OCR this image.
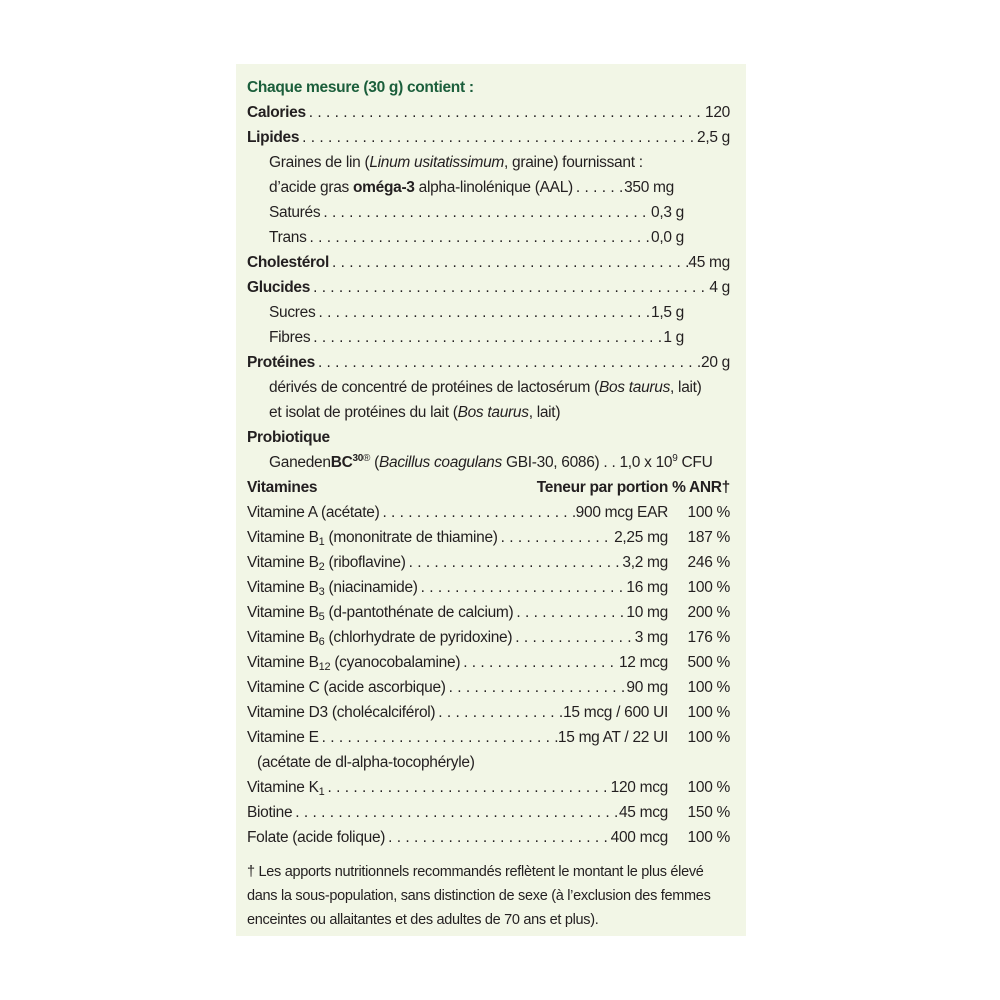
Chaque mesure (30 g) contient :
Calories . . .	120
Lipides . . .	2,5 g
Graines de lin (Linum usitatissimum, graine) fournissant :
d’acide gras oméga-3 alpha-linolénique (AAL) . . .	350 mg
Saturés . . .	0,3 g
Trans . . .	0,0 g
Cholestérol . . .	45 mg
Glucides . . .	4 g
Sucres . . .	1,5 g
Fibres . . .	1 g
Protéines . . .	20 g
dérivés de concentré de protéines de lactosérum (Bos taurus, lait)
et isolat de protéines du lait (Bos taurus, lait)
Probiotique
GanedenBC$^{30®}$ (Bacillus coagulans GBI-30, 6086) . . 1,0 x $10^9$ CFU
Vitamines	Teneur par portion % ANR†
Vitamine A (acétate) . . .	900 mcg EAR	100 %
Vitamine $B_1$ (mononitrate de thiamine) . . .	2,25 mg	187 %
Vitamine $B_2$ (riboflavine) . . .	3,2 mg	246 %
Vitamine $B_3$ (niacinamide) . . .	16 mg	100 %
Vitamine $B_5$ (d-pantothénate de calcium) . . .	10 mg	200 %
Vitamine $B_6$ (chlorhydrate de pyridoxine) . . .	3 mg	176 %
Vitamine $B_{12}$ (cyanocobalamine) . . .	12 mcg	500 %
Vitamine C (acide ascorbique) . . .	90 mg	100 %
Vitamine D3 (cholécalciférol) . . .	15 mcg / 600 UI	100 %
Vitamine E . . .	15 mg AT / 22 UI	100 %
(acétate de dl-alpha-tocophéryle)
Vitamine $K_1$ . . .	120 mcg	100 %
Biotine . . .	45 mcg	150 %
Folate (acide folique) . . .	400 mcg	100 %
† Les apports nutritionnels recommandés reflètent le montant le plus élevé dans la sous-population, sans distinction de sexe (à l’exclusion des femmes enceintes ou allaitantes et des adultes de 70 ans et plus).
